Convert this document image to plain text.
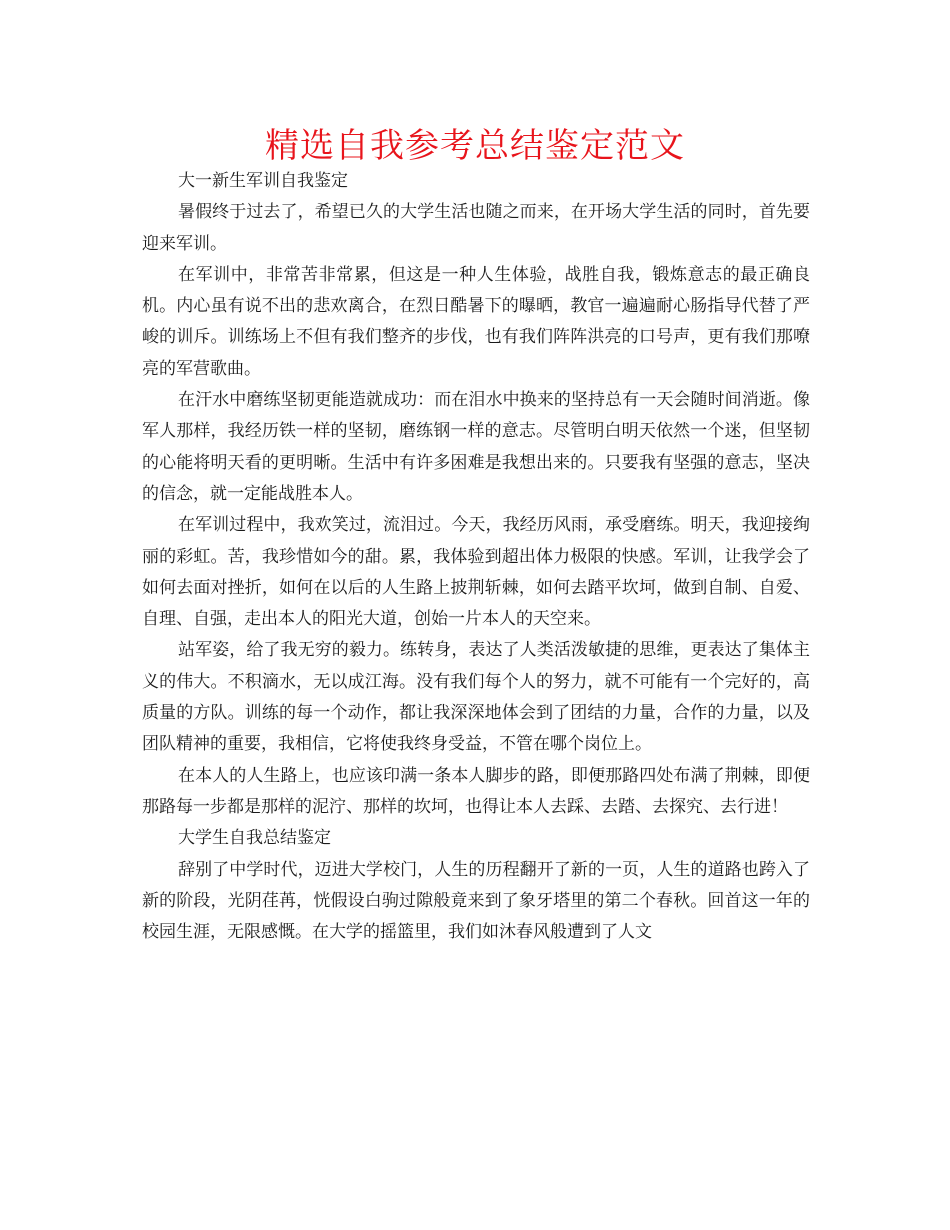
精选自我参考总结鉴定范文

大一新生军训自我鉴定

暑假终于过去了，希望已久的大学生活也随之而来，在开场大学生活的同时，首先要迎来军训。

在军训中，非常苦非常累，但这是一种人生体验，战胜自我，锻炼意志的最正确良机。内心虽有说不出的悲欢离合，在烈日酷暑下的曝晒，教官一遍遍耐心肠指导代替了严峻的训斥。训练场上不但有我们整齐的步伐，也有我们阵阵洪亮的口号声，更有我们那嘹亮的军营歌曲。

在汗水中磨练坚韧更能造就成功：而在泪水中换来的坚持总有一天会随时间消逝。像军人那样，我经历铁一样的坚韧，磨练钢一样的意志。尽管明白明天依然一个迷，但坚韧的心能将明天看的更明晰。生活中有许多困难是我想出来的。只要我有坚强的意志，坚决的信念，就一定能战胜本人。

在军训过程中，我欢笑过，流泪过。今天，我经历风雨，承受磨练。明天，我迎接绚丽的彩虹。苦，我珍惜如今的甜。累，我体验到超出体力极限的快感。军训，让我学会了如何去面对挫折，如何在以后的人生路上披荆斩棘，如何去踏平坎坷，做到自制、自爱、自理、自强，走出本人的阳光大道，创始一片本人的天空来。

站军姿，给了我无穷的毅力。练转身，表达了人类活泼敏捷的思维，更表达了集体主义的伟大。不积滴水，无以成江海。没有我们每个人的努力，就不可能有一个完好的，高质量的方队。训练的每一个动作，都让我深深地体会到了团结的力量，合作的力量，以及团队精神的重要，我相信，它将使我终身受益，不管在哪个岗位上。

在本人的人生路上，也应该印满一条本人脚步的路，即便那路四处布满了荆棘，即便那路每一步都是那样的泥泞、那样的坎坷，也得让本人去踩、去踏、去探究、去行进！

大学生自我总结鉴定

辞别了中学时代，迈进大学校门，人生的历程翻开了新的一页，人生的道路也跨入了新的阶段，光阴荏苒，恍假设白驹过隙般竟来到了象牙塔里的第二个春秋。回首这一年的校园生涯，无限感慨。在大学的摇篮里，我们如沐春风般遭到了人文
